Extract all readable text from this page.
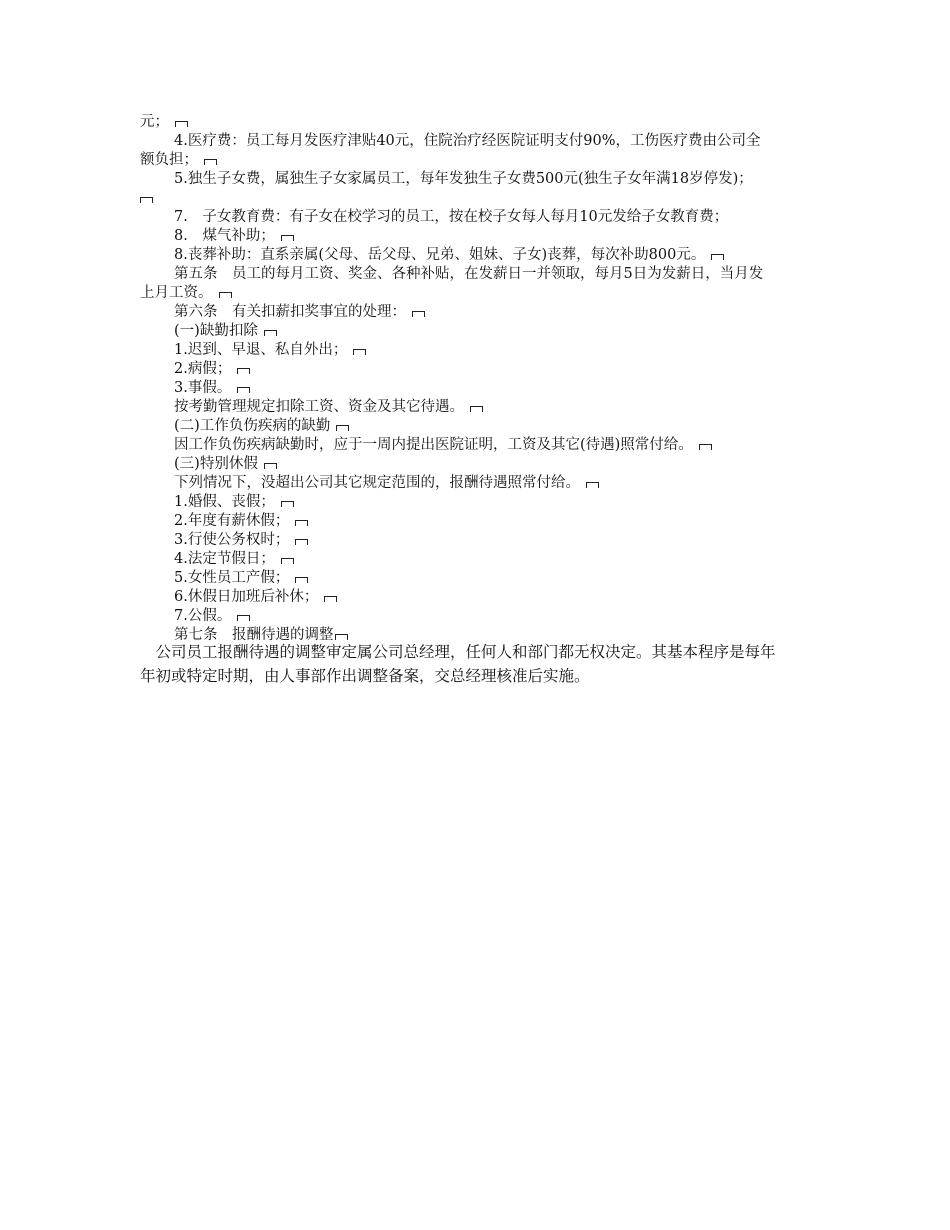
元；
4.医疗费：员工每月发医疗津贴40元，住院治疗经医院证明支付90%，工伤医疗费由公司全
额负担；
5.独生子女费，属独生子女家属员工，每年发独生子女费500元(独生子女年满18岁停发)；
7.　子女教育费：有子女在校学习的员工，按在校子女每人每月10元发给子女教育费；
8.　煤气补助；
8.丧葬补助：直系亲属(父母、岳父母、兄弟、姐妹、子女)丧葬，每次补助800元。
第五条　员工的每月工资、奖金、各种补贴，在发薪日一并领取，每月5日为发薪日，当月发
上月工资。
第六条　有关扣薪扣奖事宜的处理：
(一)缺勤扣除
1.迟到、早退、私自外出；
2.病假；
3.事假。
按考勤管理规定扣除工资、资金及其它待遇。
(二)工作负伤疾病的缺勤
因工作负伤疾病缺勤时，应于一周内提出医院证明，工资及其它(待遇)照常付给。
(三)特别休假
下列情况下，没超出公司其它规定范围的，报酬待遇照常付给。
1.婚假、丧假；
2.年度有薪休假；
3.行使公务权时；
4.法定节假日；
5.女性员工产假；
6.休假日加班后补休；
7.公假。
第七条　报酬待遇的调整
　公司员工报酬待遇的调整审定属公司总经理，任何人和部门都无权决定。其基本程序是每年
年初或特定时期，由人事部作出调整备案，交总经理核准后实施。
